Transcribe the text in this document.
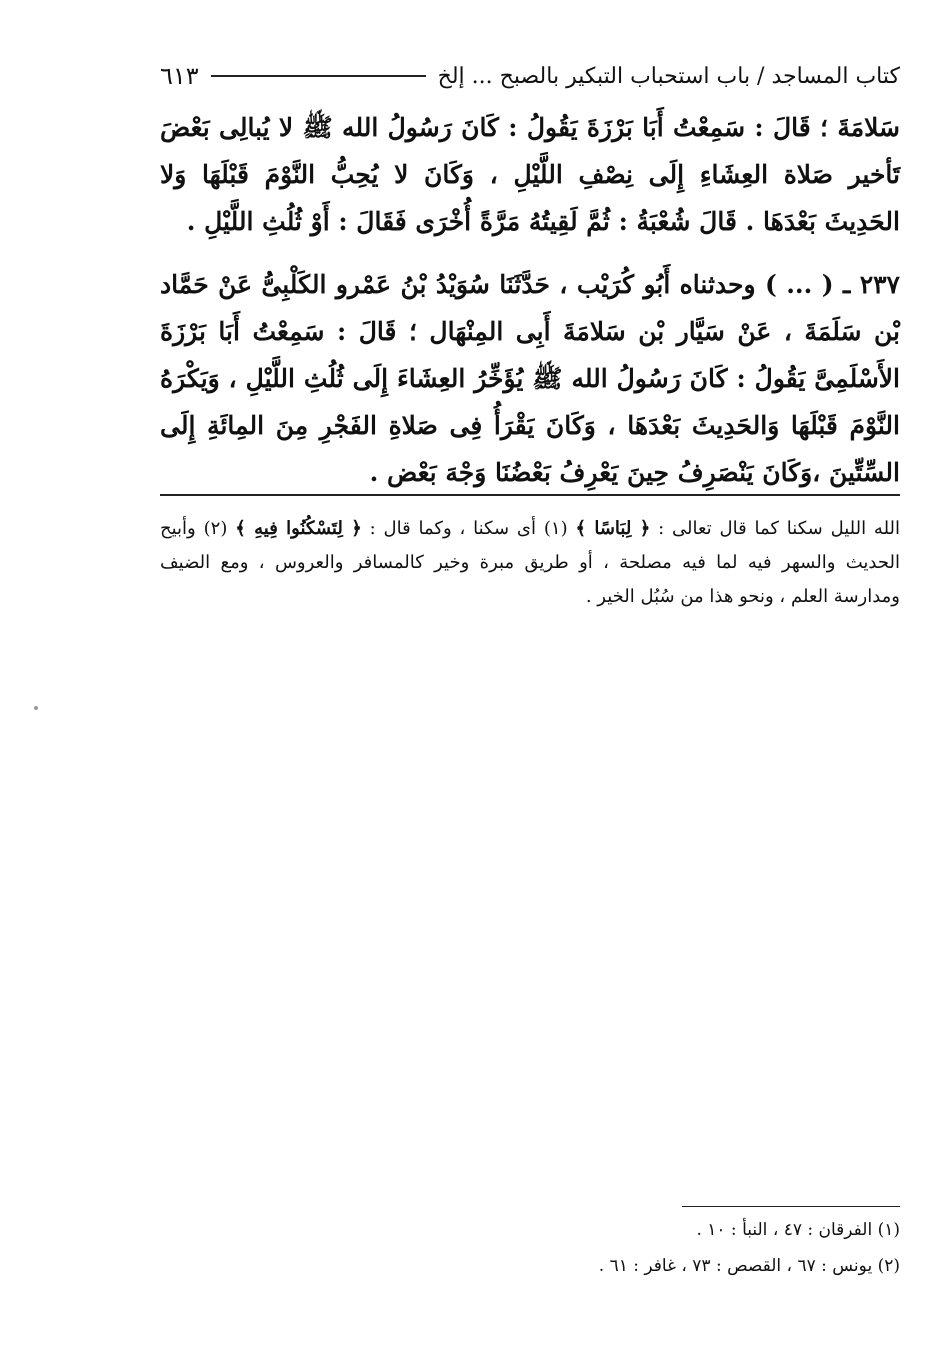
كتاب المساجد / باب استحباب التبكير بالصبح ... إلخ
٦١٣

سَلامَةَ ؛ قَالَ : سَمِعْتُ أَبَا بَرْزَةَ يَقُولُ : كَانَ رَسُولُ الله ﷺ لا يُبالِى بَعْضَ تَأخير صَلاة العِشَاءِ إِلَى نِصْفِ اللَّيْلِ ، وَكَانَ لا يُحِبُّ النَّوْمَ قَبْلَهَا وَلا الحَدِيثَ بَعْدَهَا . قَالَ شُعْبَةُ : ثُمَّ لَقِيتُهُ مَرَّةً أُخْرَى فَقَالَ : أَوْ ثُلُثِ اللَّيْلِ .

٢٣٧ ـ ( ... ) وحدثناه أَبُو كُرَيْب ، حَدَّثَنَا سُوَيْدُ بْنُ عَمْرو الكَلْبِىُّ عَنْ حَمَّاد بْن سَلَمَةَ ، عَنْ سَيَّار بْن سَلامَةَ أَبِى المِنْهَال ؛ قَالَ : سَمِعْتُ أَبَا بَرْزَةَ الأَسْلَمِىَّ يَقُولُ : كَانَ رَسُولُ الله ﷺ يُؤَخِّرُ العِشَاءَ إِلَى ثُلُثِ اللَّيْلِ ، وَيَكْرَهُ النَّوْمَ قَبْلَهَا وَالحَدِيثَ بَعْدَهَا ، وَكَانَ يَقْرَأُ فِى صَلاةِ الفَجْرِ مِنَ المِائَةِ إِلَى السِّتِّينَ ،وَكَانَ يَنْصَرِفُ حِينَ يَعْرِفُ بَعْضُنَا وَجْهَ بَعْض .

الله الليل سكنا كما قال تعالى : ﴿ لِبَاسًا ﴾ (١) أى سكنا ، وكما قال : ﴿ لِتَسْكُنُوا فِيهِ ﴾ (٢) وأبيح الحديث والسهر فيه لما فيه مصلحة ، أو طريق مبرة وخير كالمسافر والعروس ، ومع الضيف ومدارسة العلم ، ونحو هذا من سُبُل الخير .
(١) الفرقان : ٤٧ ، النبأ : ١٠ .
(٢) يونس : ٦٧ ، القصص : ٧٣ ، غافر : ٦١ .
